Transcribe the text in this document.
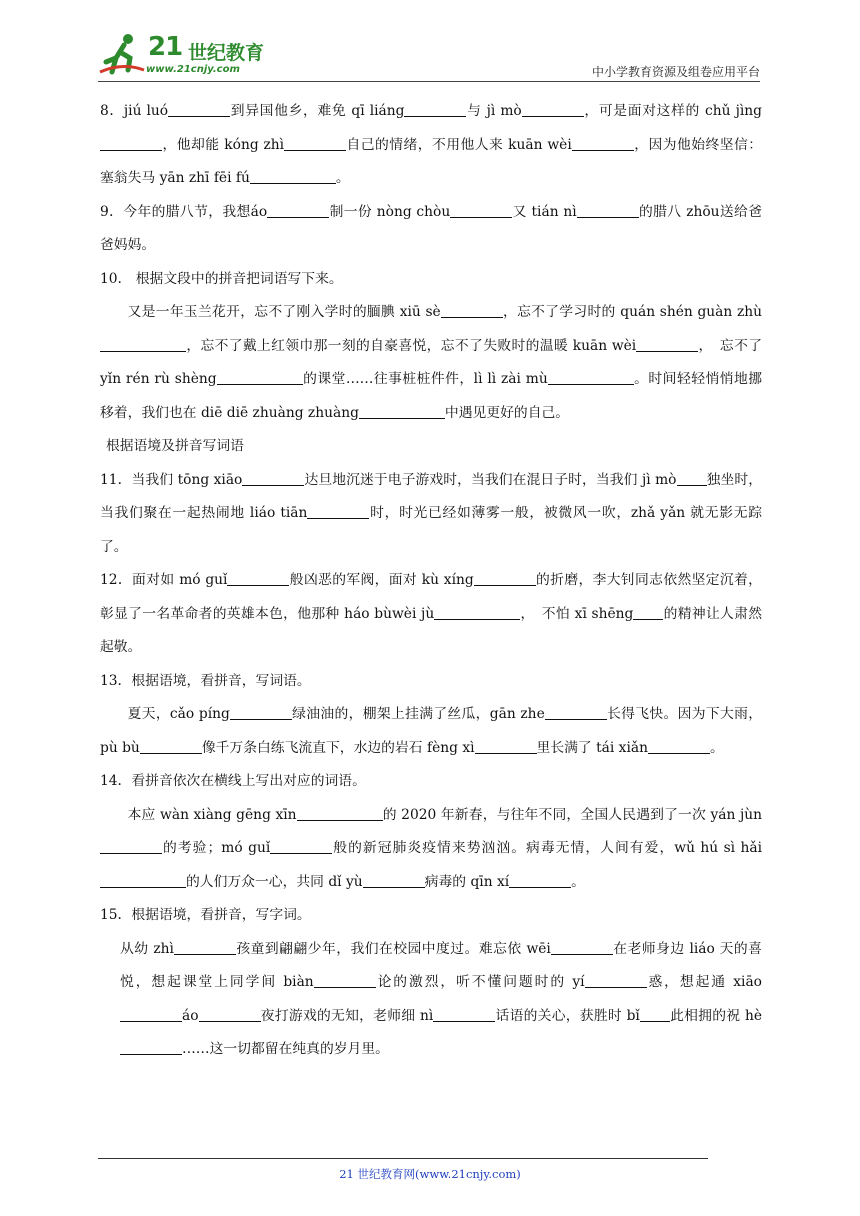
21 世纪教育
www.21cnjy.com	中小学教育资源及组卷应用平台
8．jiú luó	到异国他乡，难免 qī liáng	与 jì mò	，可是面对这样的 chǔ jìng，他却能 kóng zhì	自己的情绪，不用他人来 kuān wèi	，因为他始终坚信：塞翁失马 yān zhī fēi fú	。
9．今年的腊八节，我想áo	制一份 nòng chòu	又 tián nì	的腊八 zhōu送给爸爸妈妈。
10.　根据文段中的拼音把词语写下来。
又是一年玉兰花开，忘不了刚入学时的腼腆 xiū sè	，忘不了学习时的 quán shén guàn zhù，忘不了戴上红领巾那一刻的自豪喜悦，忘不了失败时的温暖 kuān wèi	，　忘不了 yǐn rén rù shèng	的课堂……往事桩桩件件，lì lì zài mù	。时间轻轻悄悄地挪移着，我们也在 diē diē zhuàng zhuàng	中遇见更好的自己。
根据语境及拼音写词语
11．当我们 tōng xiāo	达旦地沉迷于电子游戏时，当我们在混日子时，当我们 jì mò 独坐时，当我们聚在一起热闹地 liáo tiān	时，时光已经如薄雾一般，被微风一吹，zhǎ yǎn 就无影无踪了。
12．面对如 mó guǐ	般凶恶的军阀，面对 kù xíng	的折磨，李大钊同志依然坚定沉着，彰显了一名革命者的英雄本色，他那种 háo bùwèi jù	，　不怕 xī shēng 的精神让人肃然起敬。
13．根据语境，看拼音，写词语。
夏天，cǎo píng	绿油油的，棚架上挂满了丝瓜，gān zhe	长得飞快。因为下大雨，pù bù	像千万条白练飞流直下，水边的岩石 fèng xì	里长满了 tái xiǎn	。
14．看拼音依次在横线上写出对应的词语。
本应 wàn xiàng gēng xīn	的 2020 年新春，与往年不同，全国人民遇到了一次 yán jùn的考验；mó guǐ	般的新冠肺炎疫情来势汹汹。病毒无情，人间有爱，wǔ hú sì hǎi的人们万众一心，共同 dǐ yù	病毒的 qīn xí	。
15．根据语境，看拼音，写字词。
从幼 zhì	孩童到翩翩少年，我们在校园中度过。难忘依 wēi	在老师身边 liáo 天的喜悦，想起课堂上同学间 biàn	论的激烈，听不懂问题时的 yí	惑，想起通 xiāoáo	夜打游戏的无知，老师细 nì	话语的关心，获胜时 bǐ 此相拥的祝 hè……这一切都留在纯真的岁月里。
21 世纪教育网(www.21cnjy.com)
